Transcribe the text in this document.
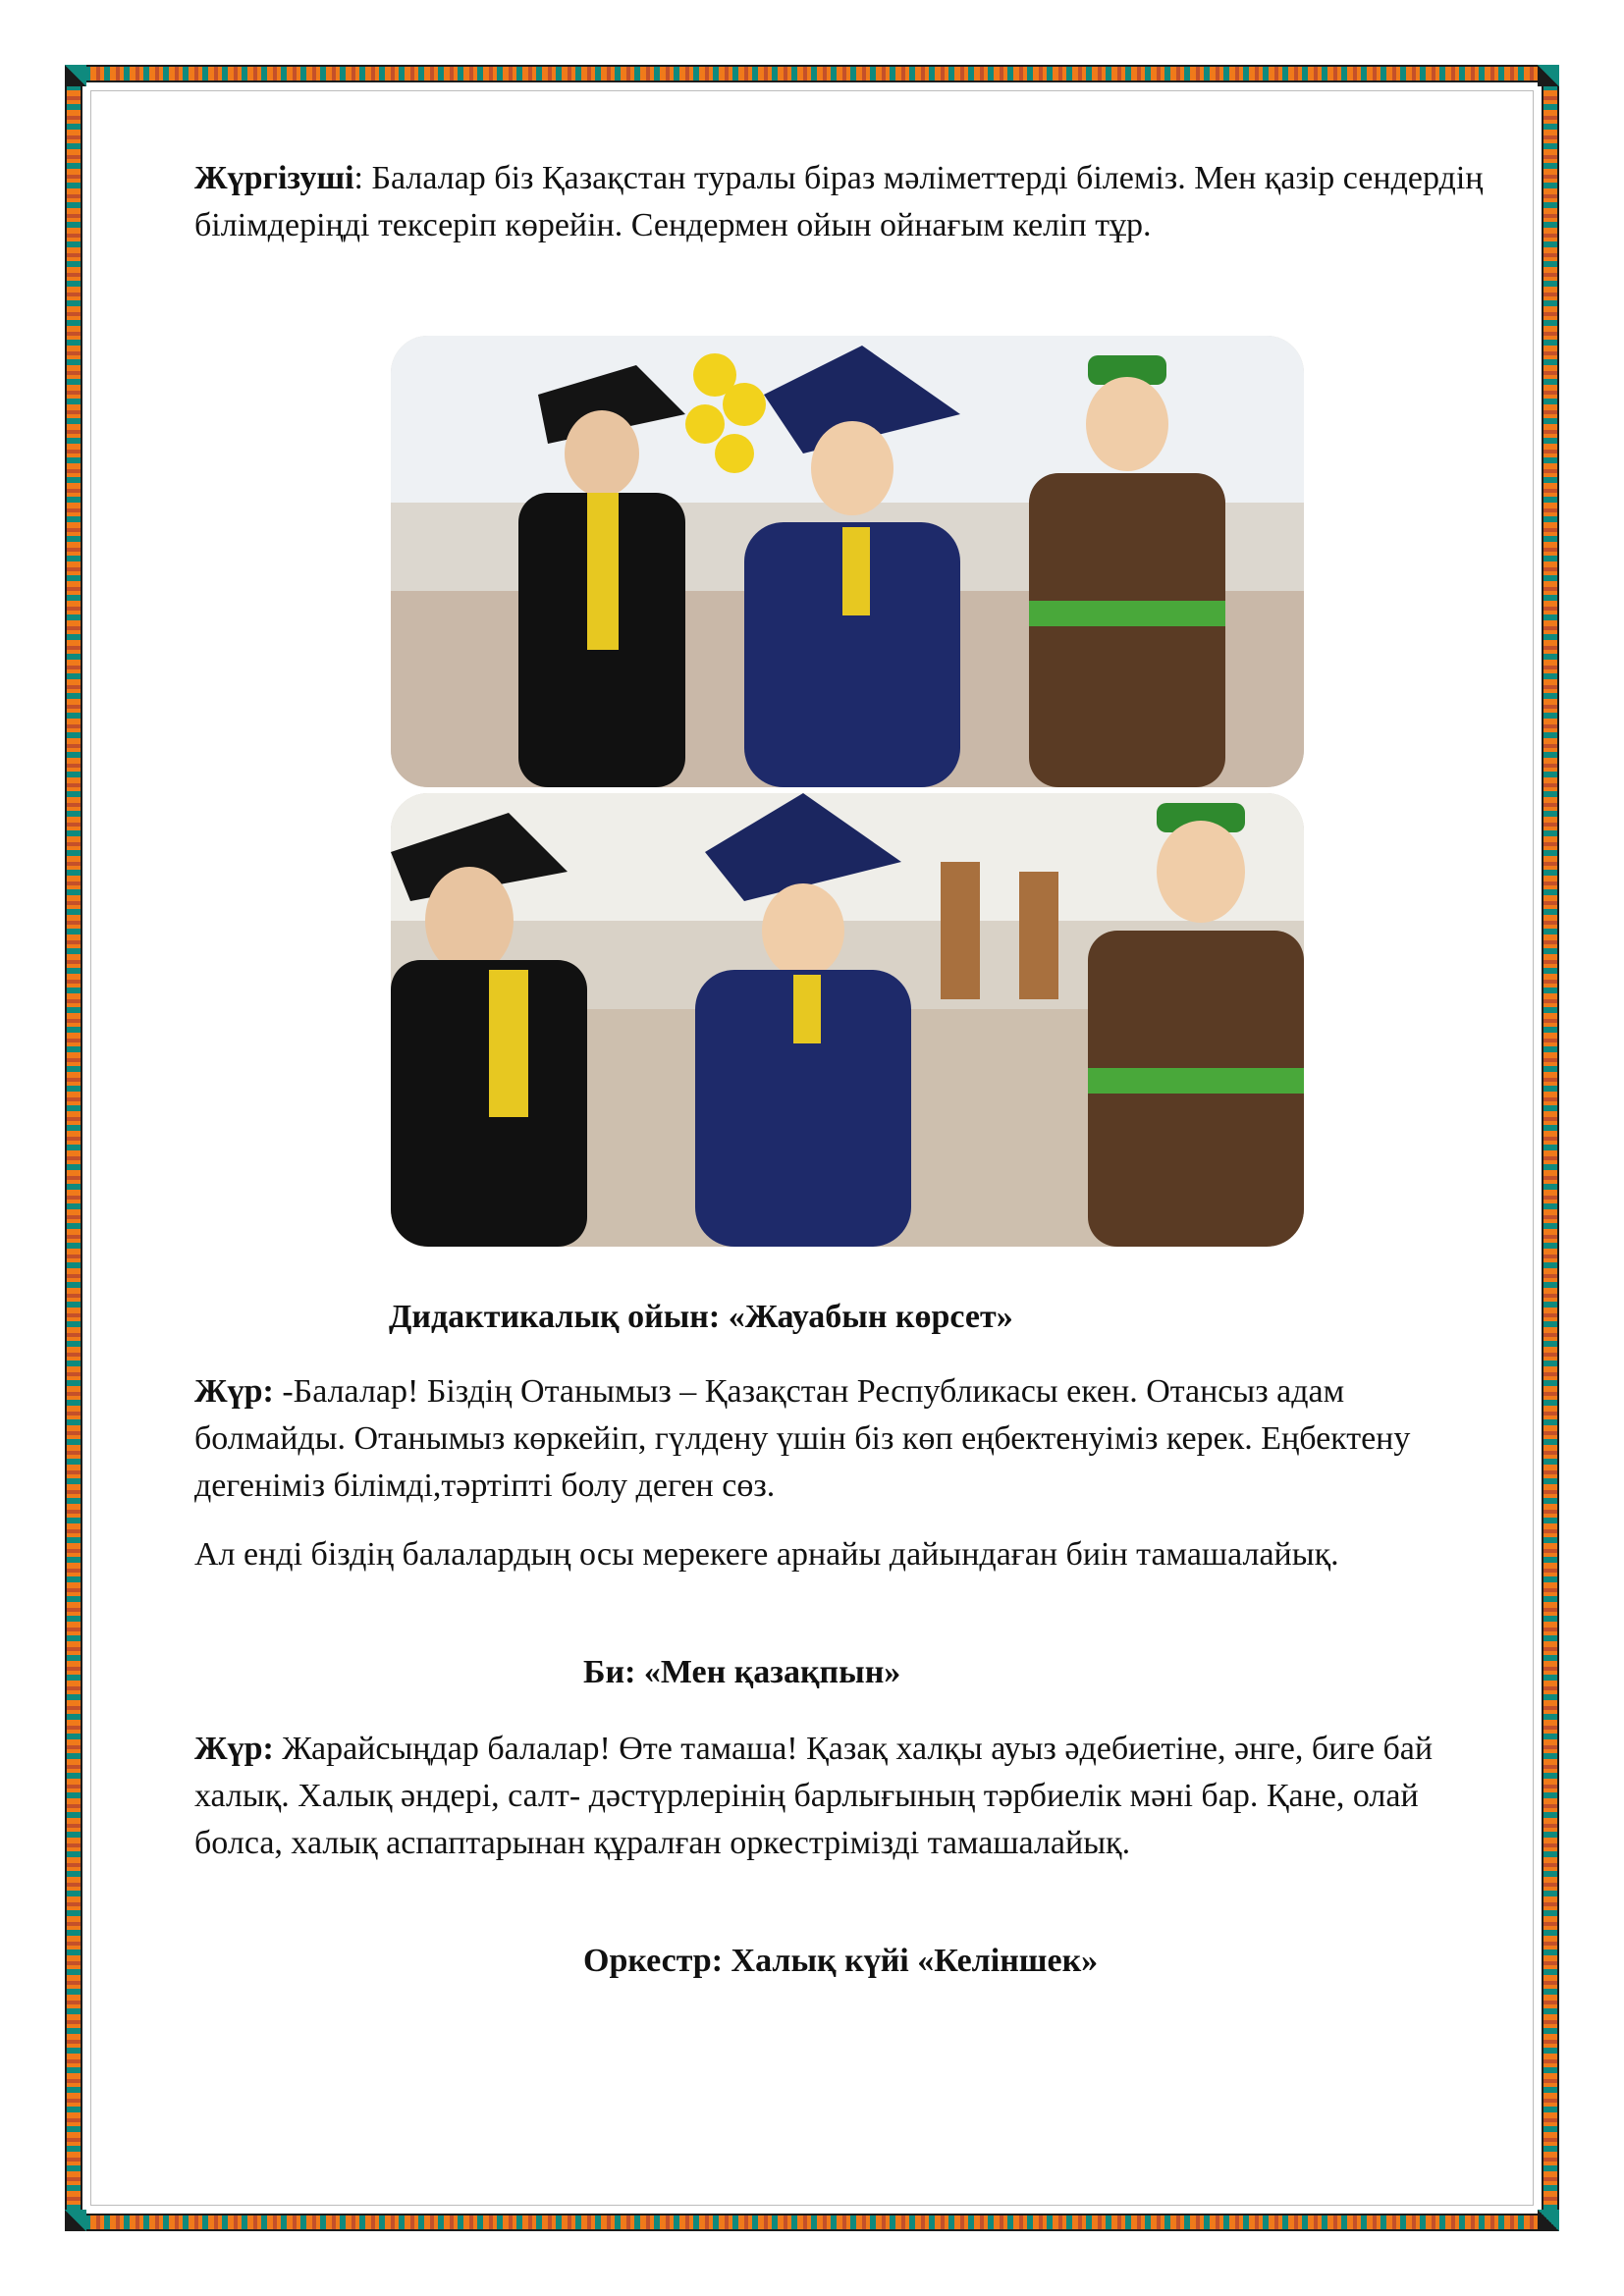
Жүргізуші: Балалар біз Қазақстан туралы біраз мәліметтерді білеміз. Мен қазір сендердің білімдеріңді тексеріп көрейін. Сендермен ойын ойнағым келіп тұр.

Дидактикалық ойын: «Жауабын көрсет»

Жүр: -Балалар! Біздің Отанымыз – Қазақстан Республикасы екен. Отансыз адам болмайды. Отанымыз көркейіп, гүлдену үшін біз көп еңбектенуіміз керек. Еңбектену дегеніміз білімді,тәртіпті болу деген сөз.

Ал енді біздің балалардың осы мерекеге арнайы дайындаған биін тамашалайық.

Би: «Мен қазақпын»

Жүр: Жарайсыңдар балалар! Өте тамаша! Қазақ халқы ауыз әдебиетіне, әнге, биге бай халық. Халық әндері, салт- дәстүрлерінің барлығының тәрбиелік мәні бар. Қане, олай болса, халық аспаптарынан құралған оркестрімізді тамашалайық.

Оркестр: Халық күйі «Келіншек»
